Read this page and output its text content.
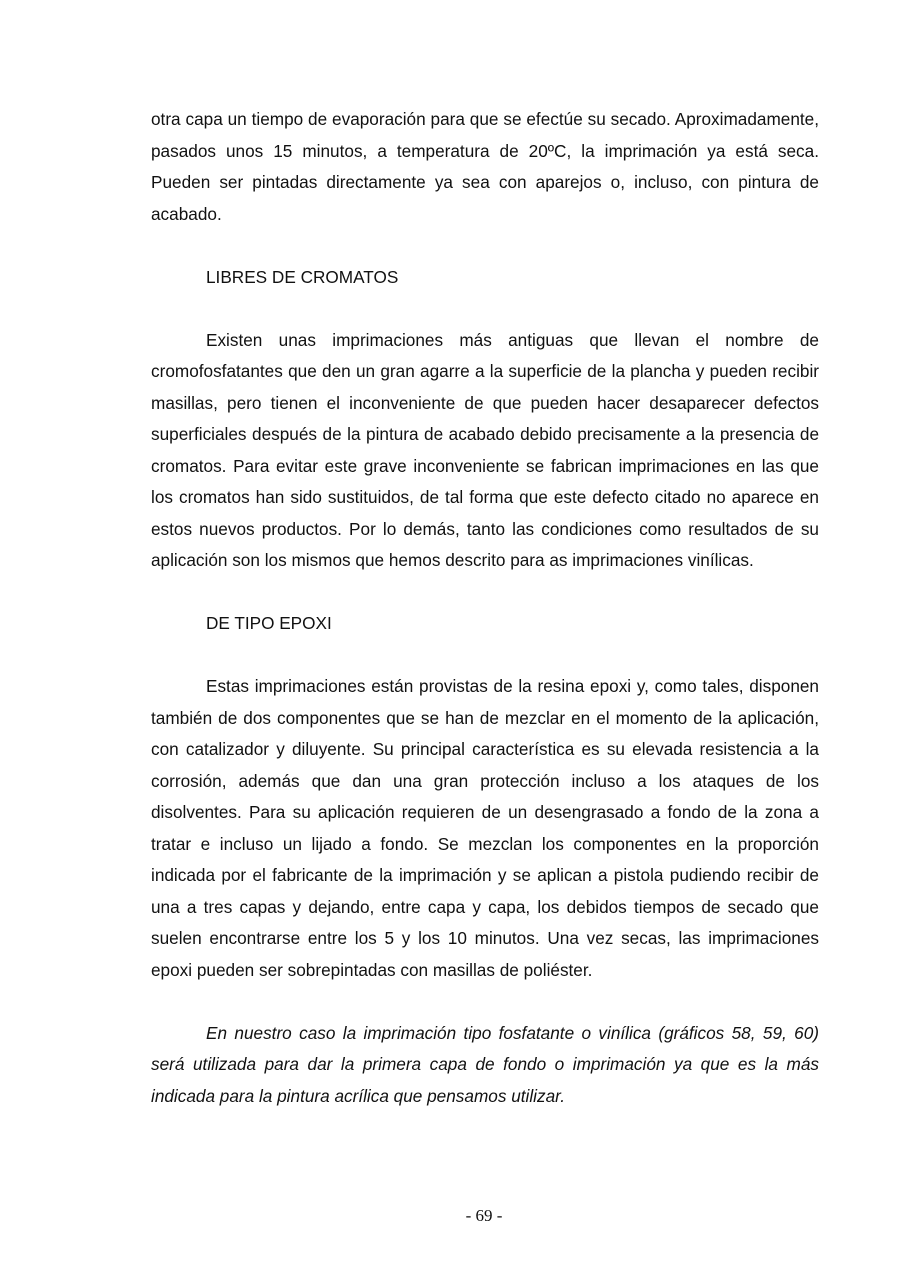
otra capa un tiempo de evaporación para que se efectúe su secado. Aproximadamente, pasados unos 15 minutos, a temperatura de 20ºC, la imprimación ya está seca. Pueden ser pintadas directamente ya sea con aparejos o, incluso, con pintura de acabado.

LIBRES DE CROMATOS

Existen unas imprimaciones más antiguas que llevan el nombre de cromofosfatantes que den un gran agarre a la superficie de la plancha y pueden recibir masillas, pero tienen el inconveniente de que pueden hacer desaparecer defectos superficiales después de la pintura de acabado debido precisamente a la presencia de cromatos. Para evitar este grave inconveniente se fabrican imprimaciones en las que los cromatos han sido sustituidos, de tal forma que este defecto citado no aparece en estos nuevos productos. Por lo demás, tanto las condiciones como resultados de su aplicación son los mismos que hemos descrito para as imprimaciones vinílicas.

DE TIPO EPOXI

Estas imprimaciones están provistas de la resina epoxi y, como tales, disponen también de dos componentes que se han de mezclar en el momento de la aplicación, con catalizador y diluyente. Su principal característica es su elevada resistencia a la corrosión, además que dan una gran protección incluso a los ataques de los disolventes. Para su aplicación requieren de un desengrasado a fondo de la zona a tratar e incluso un lijado a fondo. Se mezclan los componentes en la proporción indicada por el fabricante de la imprimación y se aplican a pistola pudiendo recibir de una a tres capas y dejando, entre capa y capa, los debidos tiempos de secado que suelen encontrarse entre los 5 y los 10 minutos. Una vez secas, las imprimaciones epoxi pueden ser sobrepintadas con masillas de poliéster.

En nuestro caso la imprimación tipo fosfatante o vinílica (gráficos 58, 59, 60) será utilizada para dar la primera capa de fondo o imprimación ya que es la más indicada para la pintura acrílica que pensamos utilizar.

- 69 -
